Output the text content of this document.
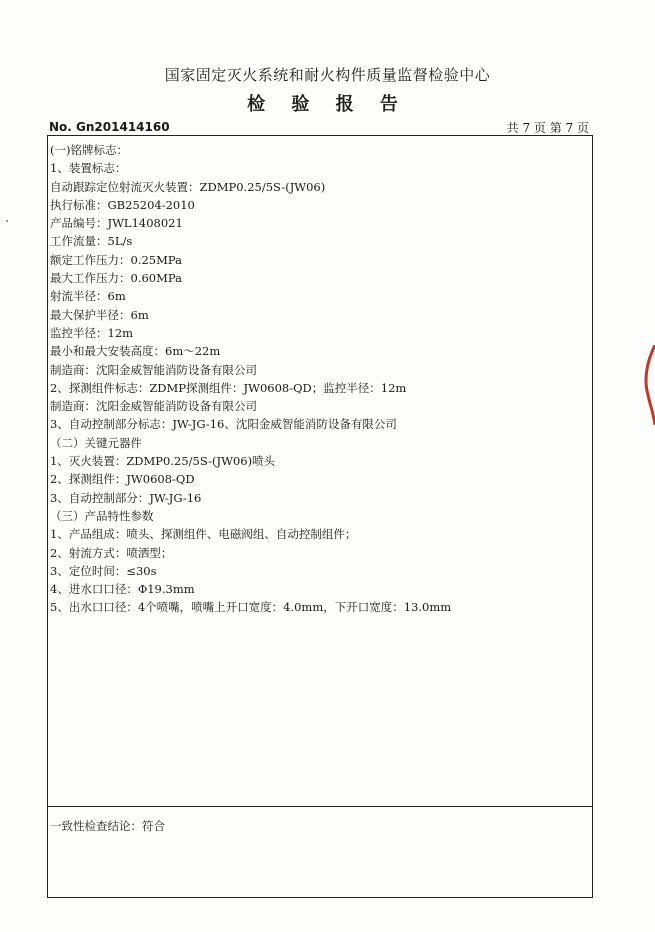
国家固定灭火系统和耐火构件质量监督检验中心
检 验 报 告
No. Gn201414160	共 7 页 第 7 页
(一)铭牌标志：
1、装置标志：
自动跟踪定位射流灭火装置：ZDMP0.25/5S-(JW06)
执行标准：GB25204-2010
产品编号：JWL1408021
工作流量：5L/s
额定工作压力：0.25MPa
最大工作压力：0.60MPa
射流半径：6m
最大保护半径：6m
监控半径：12m
最小和最大安装高度：6m～22m
制造商：沈阳金威智能消防设备有限公司
2、探测组件标志：ZDMP探测组件：JW0608-QD；监控半径：12m
制造商：沈阳金威智能消防设备有限公司
3、自动控制部分标志：JW-JG-16、沈阳金威智能消防设备有限公司
（二）关键元器件
1、灭火装置：ZDMP0.25/5S-(JW06)喷头
2、探测组件：JW0608-QD
3、自动控制部分：JW-JG-16
（三）产品特性参数
1、产品组成：喷头、探测组件、电磁阀组、自动控制组件；
2、射流方式：喷洒型；
3、定位时间：≤30s
4、进水口口径：Φ19.3mm
5、出水口口径：4个喷嘴，喷嘴上开口宽度：4.0mm，下开口宽度：13.0mm
一致性检查结论：符合
